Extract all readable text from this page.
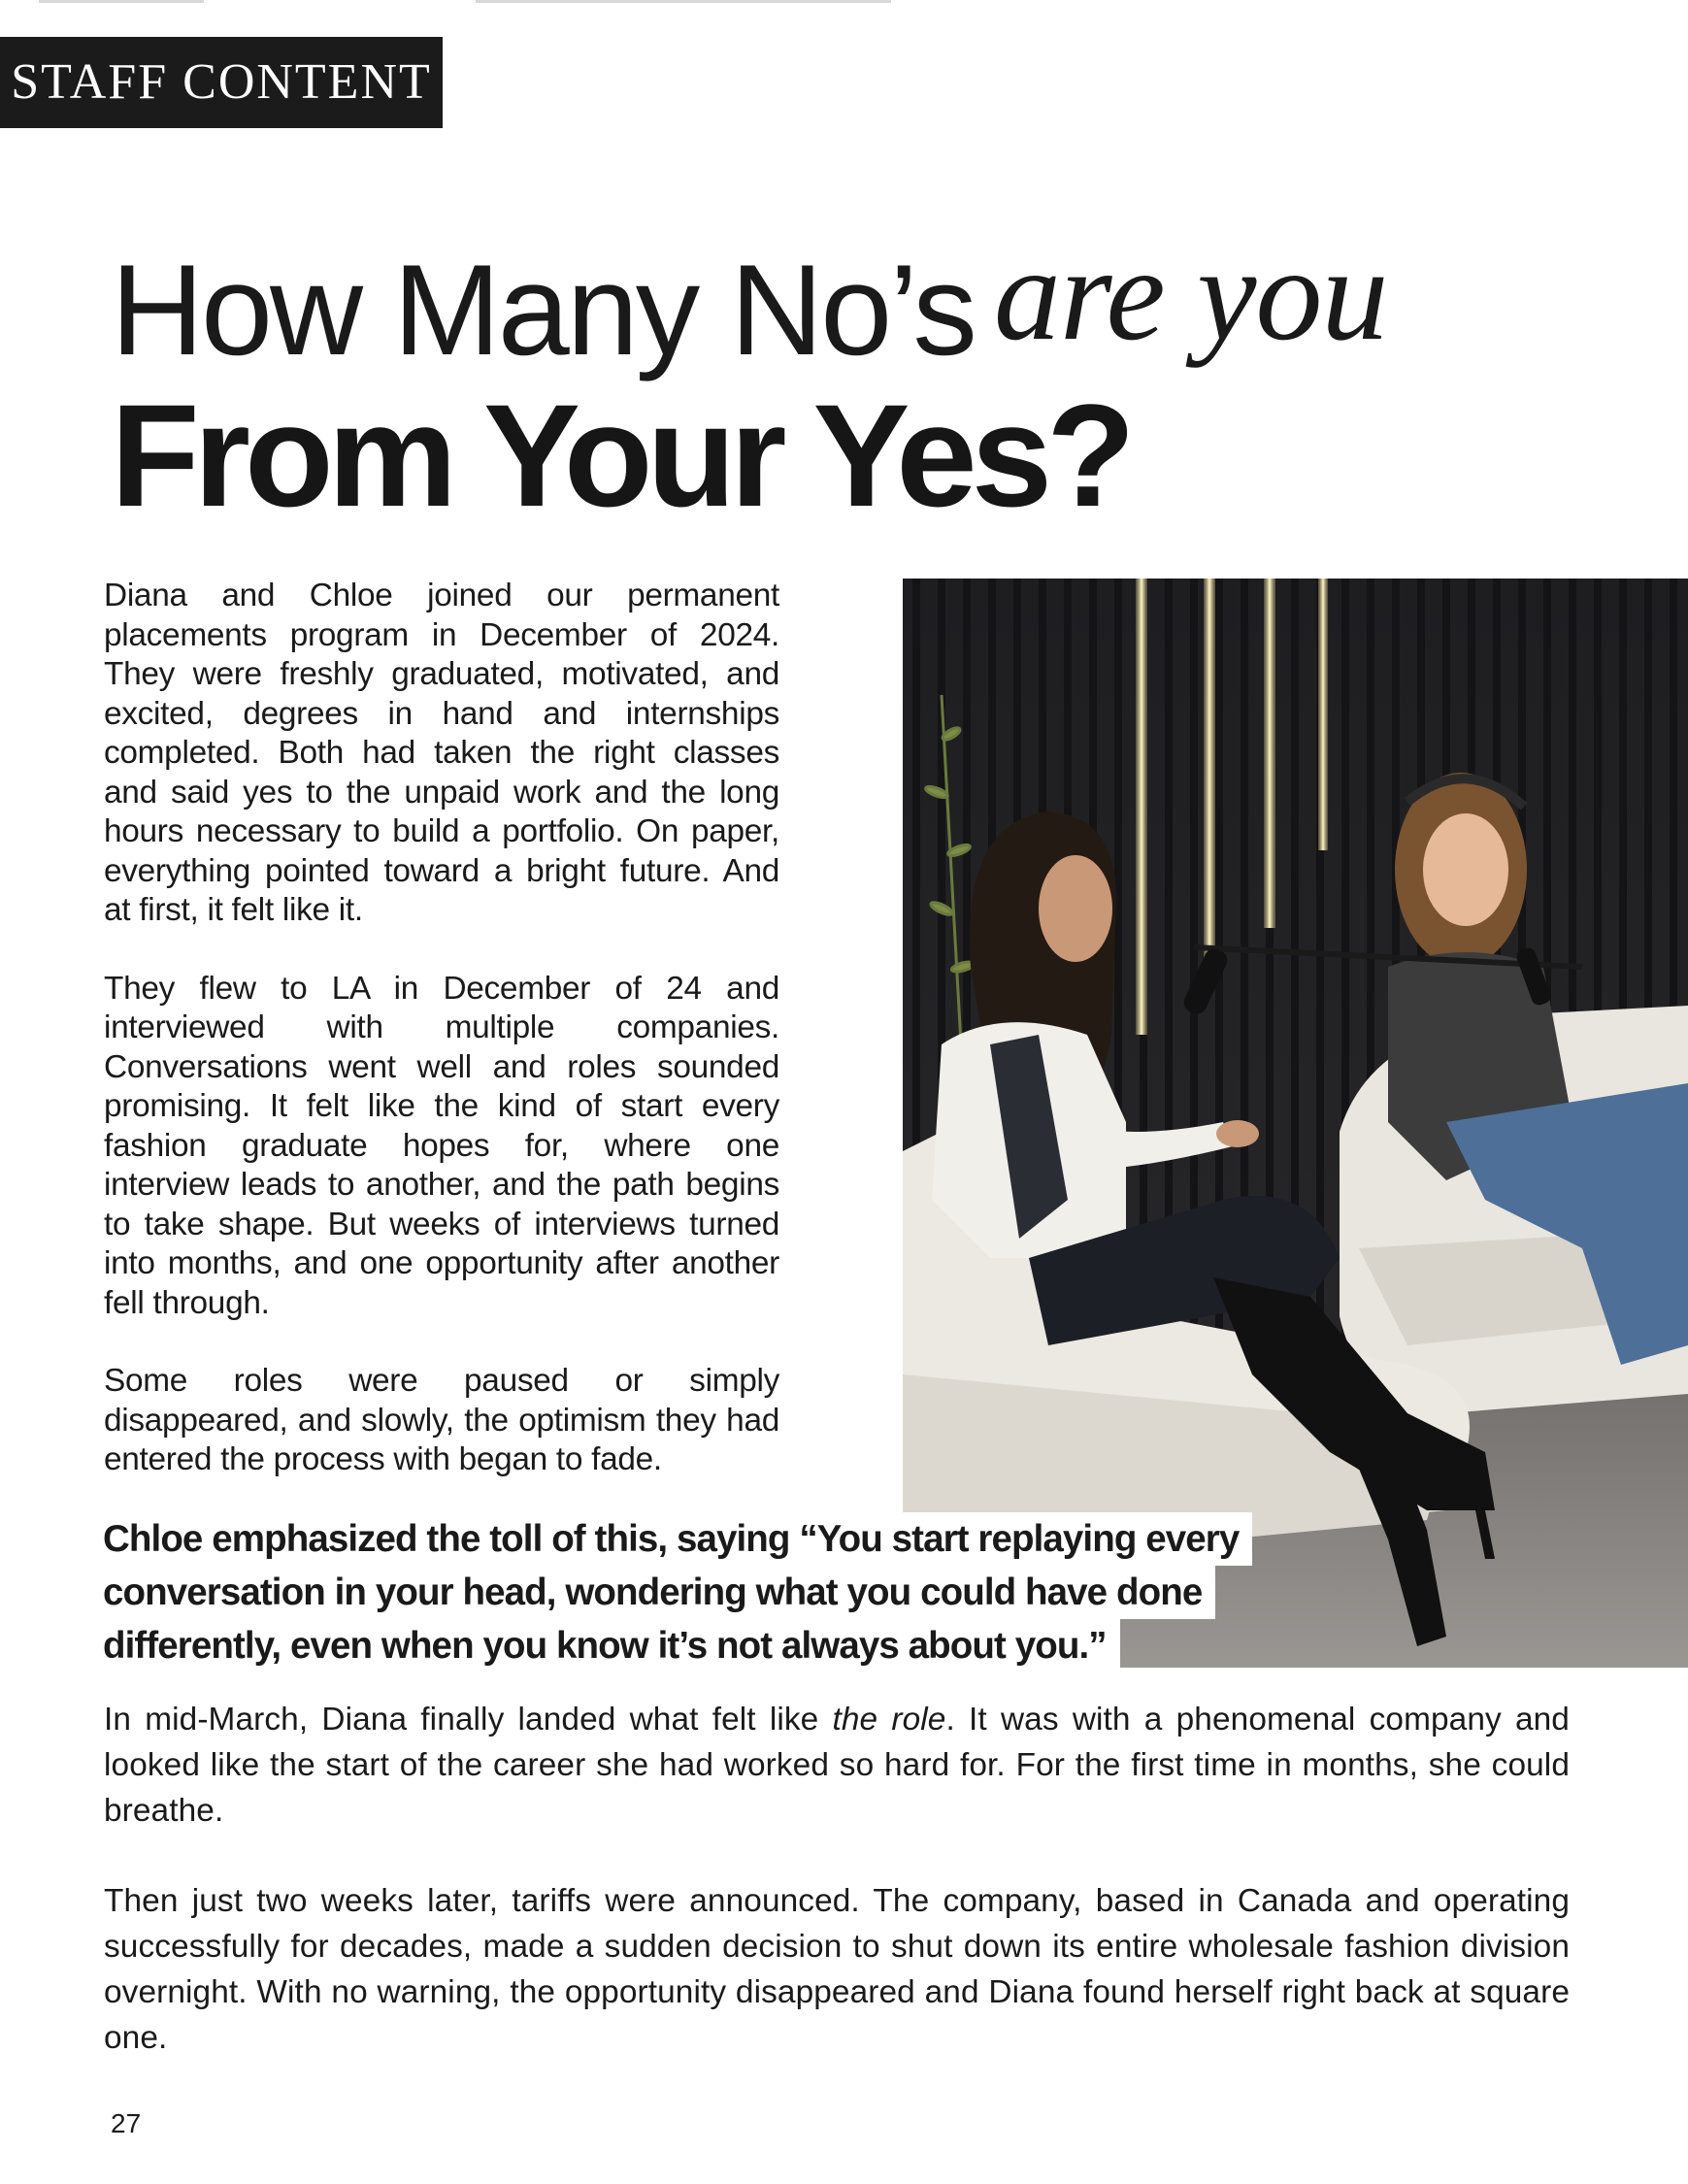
STAFF CONTENT
How Many No’s are you
From Your Yes?

Diana and Chloe joined our permanent placements program in December of 2024. They were freshly graduated, motivated, and excited, degrees in hand and internships completed. Both had taken the right classes and said yes to the unpaid work and the long hours necessary to build a portfolio. On paper, everything pointed toward a bright future. And at first, it felt like it.

They flew to LA in December of 24 and interviewed with multiple companies. Conversations went well and roles sounded promising. It felt like the kind of start every fashion graduate hopes for, where one interview leads to another, and the path begins to take shape. But weeks of interviews turned into months, and one opportunity after another fell through.

Some roles were paused or simply disappeared, and slowly, the optimism they had entered the process with began to fade.

Chloe emphasized the toll of this, saying “You start replaying every
conversation in your head, wondering what you could have done
differently, even when you know it’s not always about you.”

In mid-March, Diana finally landed what felt like the role. It was with a phenomenal company and looked like the start of the career she had worked so hard for. For the first time in months, she could breathe.

Then just two weeks later, tariffs were announced. The company, based in Canada and operating successfully for decades, made a sudden decision to shut down its entire wholesale fashion division overnight. With no warning, the opportunity disappeared and Diana found herself right back at square one.

27
